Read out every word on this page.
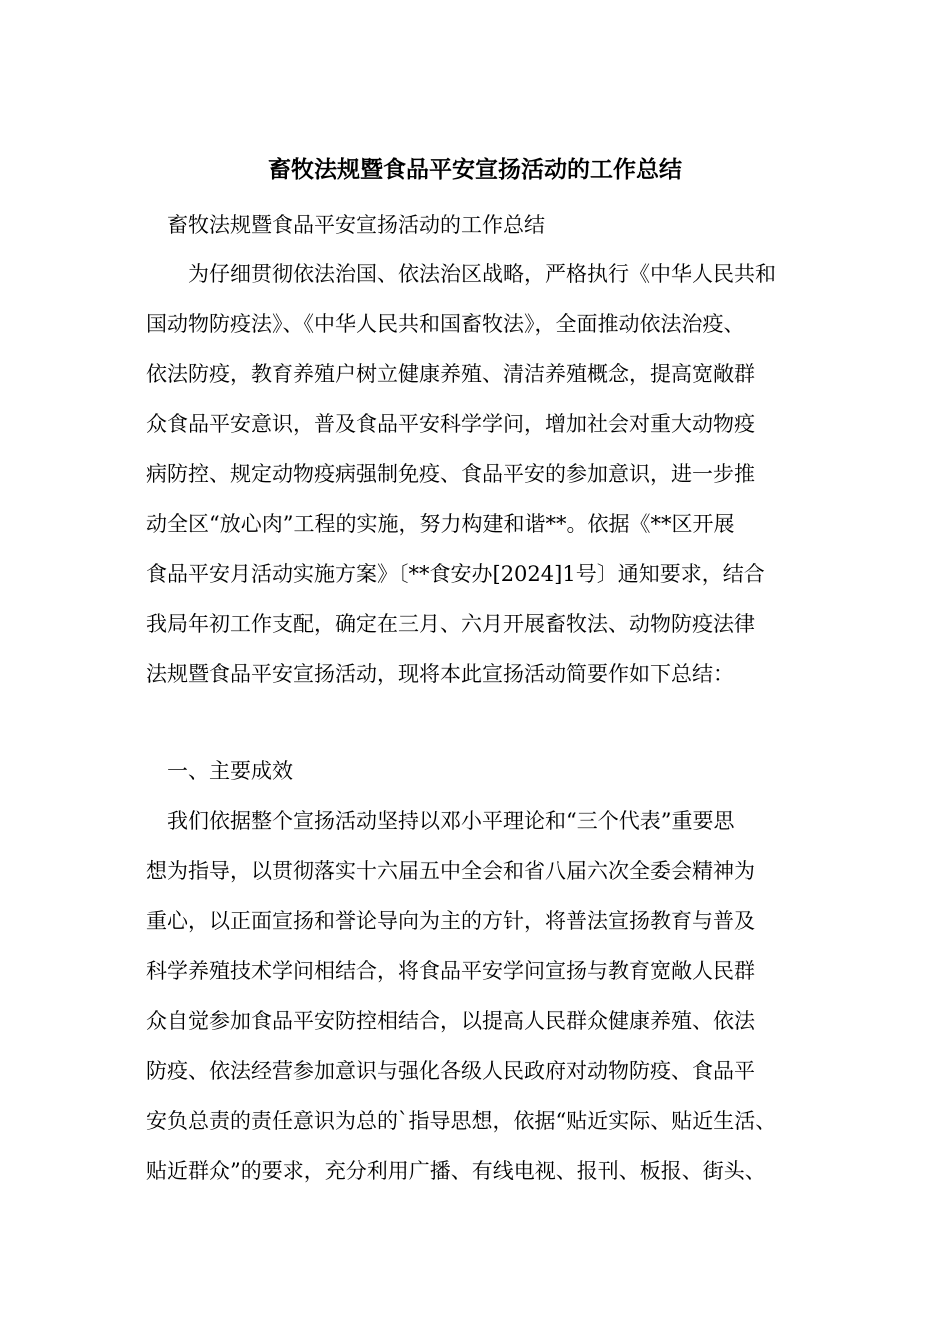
畜牧法规暨食品平安宣扬活动的工作总结
　畜牧法规暨食品平安宣扬活动的工作总结
　　为仔细贯彻依法治国、依法治区战略，严格执行《中华人民共和
国动物防疫法》、《中华人民共和国畜牧法》，全面推动依法治疫、
依法防疫，教育养殖户树立健康养殖、清洁养殖概念，提高宽敞群
众食品平安意识，普及食品平安科学学问，增加社会对重大动物疫
病防控、规定动物疫病强制免疫、食品平安的参加意识，进一步推
动全区“放心肉”工程的实施，努力构建和谐**。依据《**区开展
食品平安月活动实施方案》〔**食安办[2024]1号〕通知要求，结合
我局年初工作支配，确定在三月、六月开展畜牧法、动物防疫法律
法规暨食品平安宣扬活动，现将本此宣扬活动简要作如下总结：
　一、主要成效
　我们依据整个宣扬活动坚持以邓小平理论和“三个代表”重要思
想为指导，以贯彻落实十六届五中全会和省八届六次全委会精神为
重心，以正面宣扬和誉论导向为主的方针，将普法宣扬教育与普及
科学养殖技术学问相结合，将食品平安学问宣扬与教育宽敞人民群
众自觉参加食品平安防控相结合，以提高人民群众健康养殖、依法
防疫、依法经营参加意识与强化各级人民政府对动物防疫、食品平
安负总责的责任意识为总的`指导思想，依据“贴近实际、贴近生活、
贴近群众”的要求，充分利用广播、有线电视、报刊、板报、街头、
